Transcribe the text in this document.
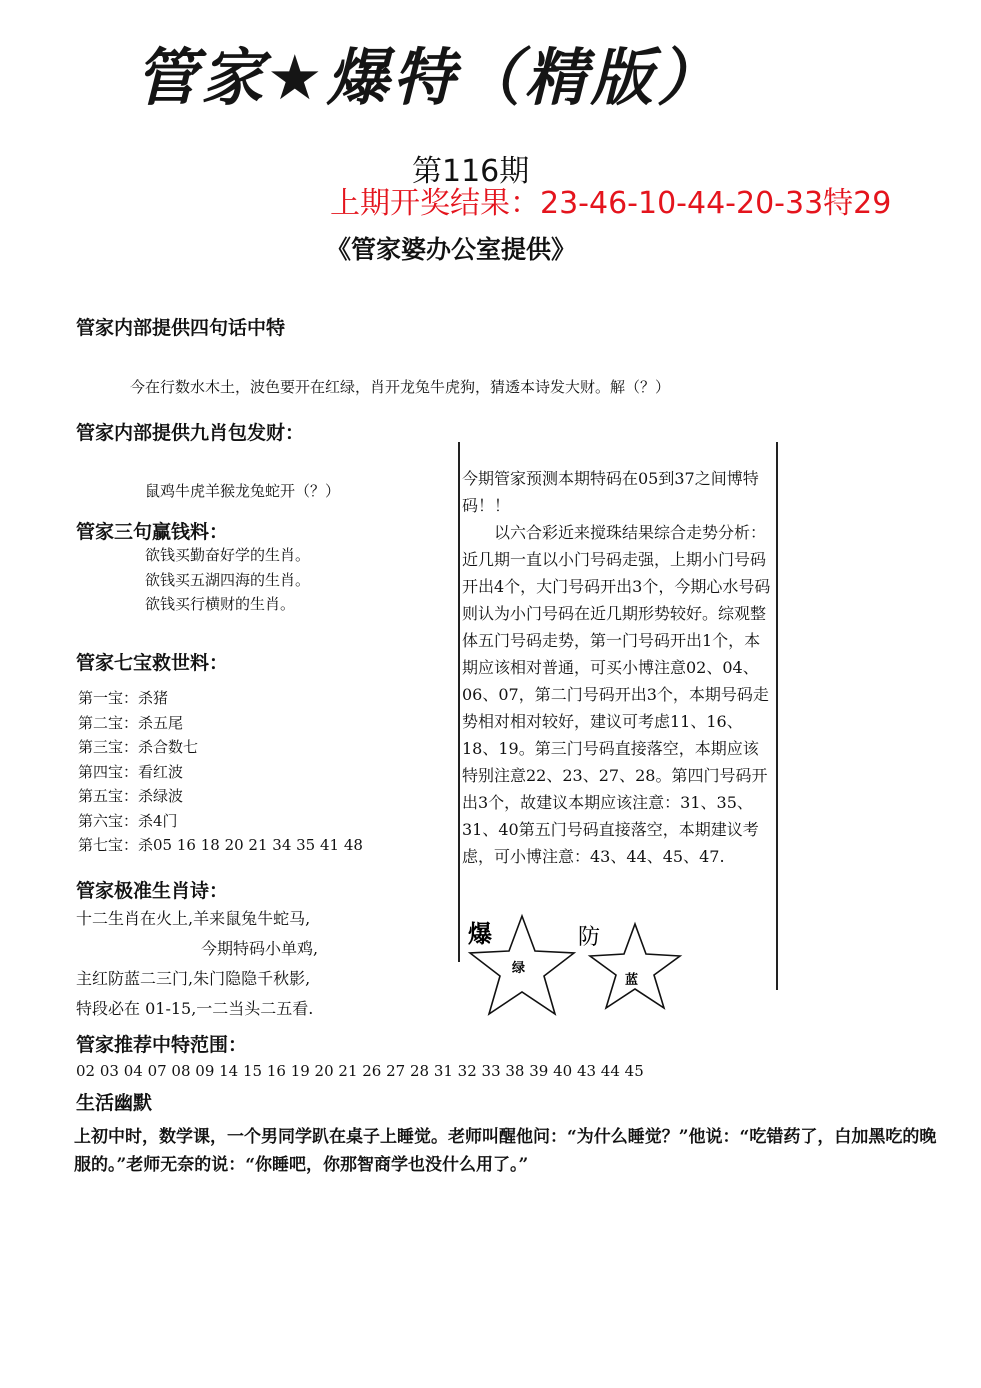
管家★爆特（精版）
第116期
上期开奖结果：23-46-10-44-20-33特29
《管家婆办公室提供》
管家内部提供四句话中特
今在行数水木土，波色要开在红绿，肖开龙兔牛虎狗，猜透本诗发大财。解（？）
管家内部提供九肖包发财：
鼠鸡牛虎羊猴龙兔蛇开（？）
管家三句赢钱料：
欲钱买勤奋好学的生肖。
欲钱买五湖四海的生肖。
欲钱买行横财的生肖。
管家七宝救世料：
第一宝：杀猪
第二宝：杀五尾
第三宝：杀合数七
第四宝：看红波
第五宝：杀绿波
第六宝：杀4门
第七宝：杀05 16 18 20 21 34 35 41 48
管家极准生肖诗：
十二生肖在火上,羊来鼠兔牛蛇马,
今期特码小单鸡,
主红防蓝二三门,朱门隐隐千秋影,
特段必在 01-15,一二当头二五看.

今期管家预测本期特码在05到37之间博特码！！

以六合彩近来搅珠结果综合走势分析：近几期一直以小门号码走强，上期小门号码开出4个，大门号码开出3个，今期心水号码则认为小门号码在近几期形势较好。综观整体五门号码走势，第一门号码开出1个，本期应该相对普通，可买小博注意02、04、06、07，第二门号码开出3个，本期号码走势相对相对较好，建议可考虑11、16、18、19。第三门号码直接落空，本期应该特别注意22、23、27、28。第四门号码开出3个，故建议本期应该注意：31、35、31、40第五门号码直接落空，本期建议考虑，可小博注意：43、44、45、47.

爆
绿
防
蓝
管家推荐中特范围：
02 03 04 07 08 09 14 15 16 19 20 21 26 27 28 31 32 33 38 39 40 43 44 45
生活幽默
上初中时，数学课，一个男同学趴在桌子上睡觉。老师叫醒他问：“为什么睡觉？”他说：“吃错药了，白加黑吃的晚服的。”老师无奈的说：“你睡吧，你那智商学也没什么用了。”
